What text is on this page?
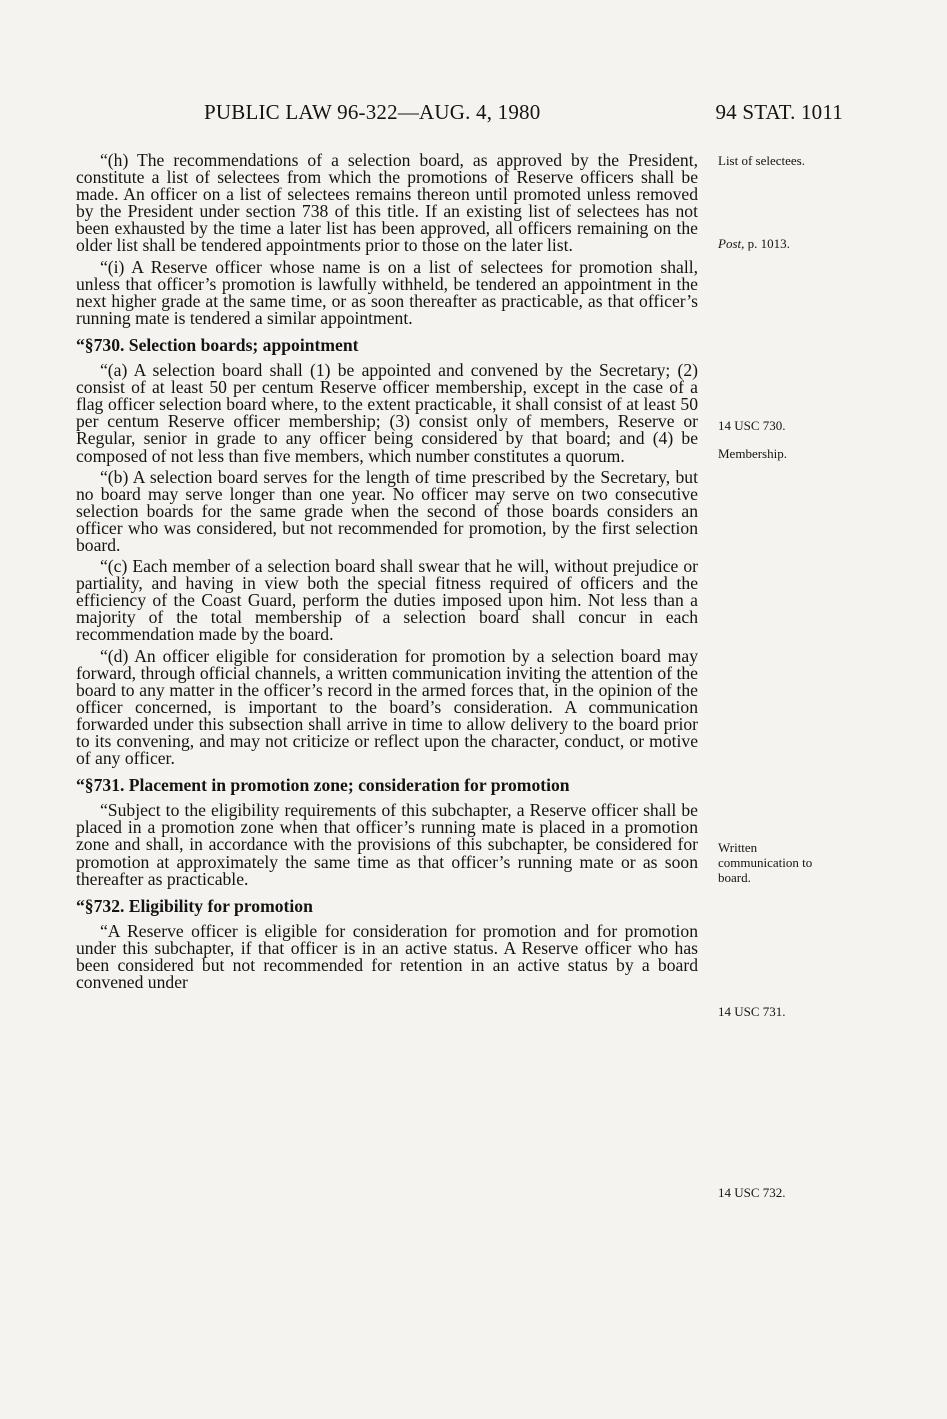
PUBLIC LAW 96-322—AUG. 4, 1980	94 STAT. 1011

“(h) The recommendations of a selection board, as approved by the President, constitute a list of selectees from which the promotions of Reserve officers shall be made. An officer on a list of selectees remains thereon until promoted unless removed by the President under section 738 of this title. If an existing list of selectees has not been exhausted by the time a later list has been approved, all officers remaining on the older list shall be tendered appointments prior to those on the later list.

“(i) A Reserve officer whose name is on a list of selectees for promotion shall, unless that officer’s promotion is lawfully withheld, be tendered an appointment in the next higher grade at the same time, or as soon thereafter as practicable, as that officer’s running mate is tendered a similar appointment.

“§730. Selection boards; appointment

“(a) A selection board shall (1) be appointed and convened by the Secretary; (2) consist of at least 50 per centum Reserve officer membership, except in the case of a flag officer selection board where, to the extent practicable, it shall consist of at least 50 per centum Reserve officer membership; (3) consist only of members, Reserve or Regular, senior in grade to any officer being considered by that board; and (4) be composed of not less than five members, which number constitutes a quorum.

“(b) A selection board serves for the length of time prescribed by the Secretary, but no board may serve longer than one year. No officer may serve on two consecutive selection boards for the same grade when the second of those boards considers an officer who was considered, but not recommended for promotion, by the first selection board.

“(c) Each member of a selection board shall swear that he will, without prejudice or partiality, and having in view both the special fitness required of officers and the efficiency of the Coast Guard, perform the duties imposed upon him. Not less than a majority of the total membership of a selection board shall concur in each recommendation made by the board.

“(d) An officer eligible for consideration for promotion by a selection board may forward, through official channels, a written communication inviting the attention of the board to any matter in the officer’s record in the armed forces that, in the opinion of the officer concerned, is important to the board’s consideration. A communication forwarded under this subsection shall arrive in time to allow delivery to the board prior to its convening, and may not criticize or reflect upon the character, conduct, or motive of any officer.

“§731. Placement in promotion zone; consideration for promotion

“Subject to the eligibility requirements of this subchapter, a Reserve officer shall be placed in a promotion zone when that officer’s running mate is placed in a promotion zone and shall, in accordance with the provisions of this subchapter, be considered for promotion at approximately the same time as that officer’s running mate or as soon thereafter as practicable.

“§732. Eligibility for promotion

“A Reserve officer is eligible for consideration for promotion and for promotion under this subchapter, if that officer is in an active status. A Reserve officer who has been considered but not recommended for retention in an active status by a board convened under

List of selectees.
Post, p. 1013.
14 USC 730.
Membership.
Written communication to board.
14 USC 731.
14 USC 732.
